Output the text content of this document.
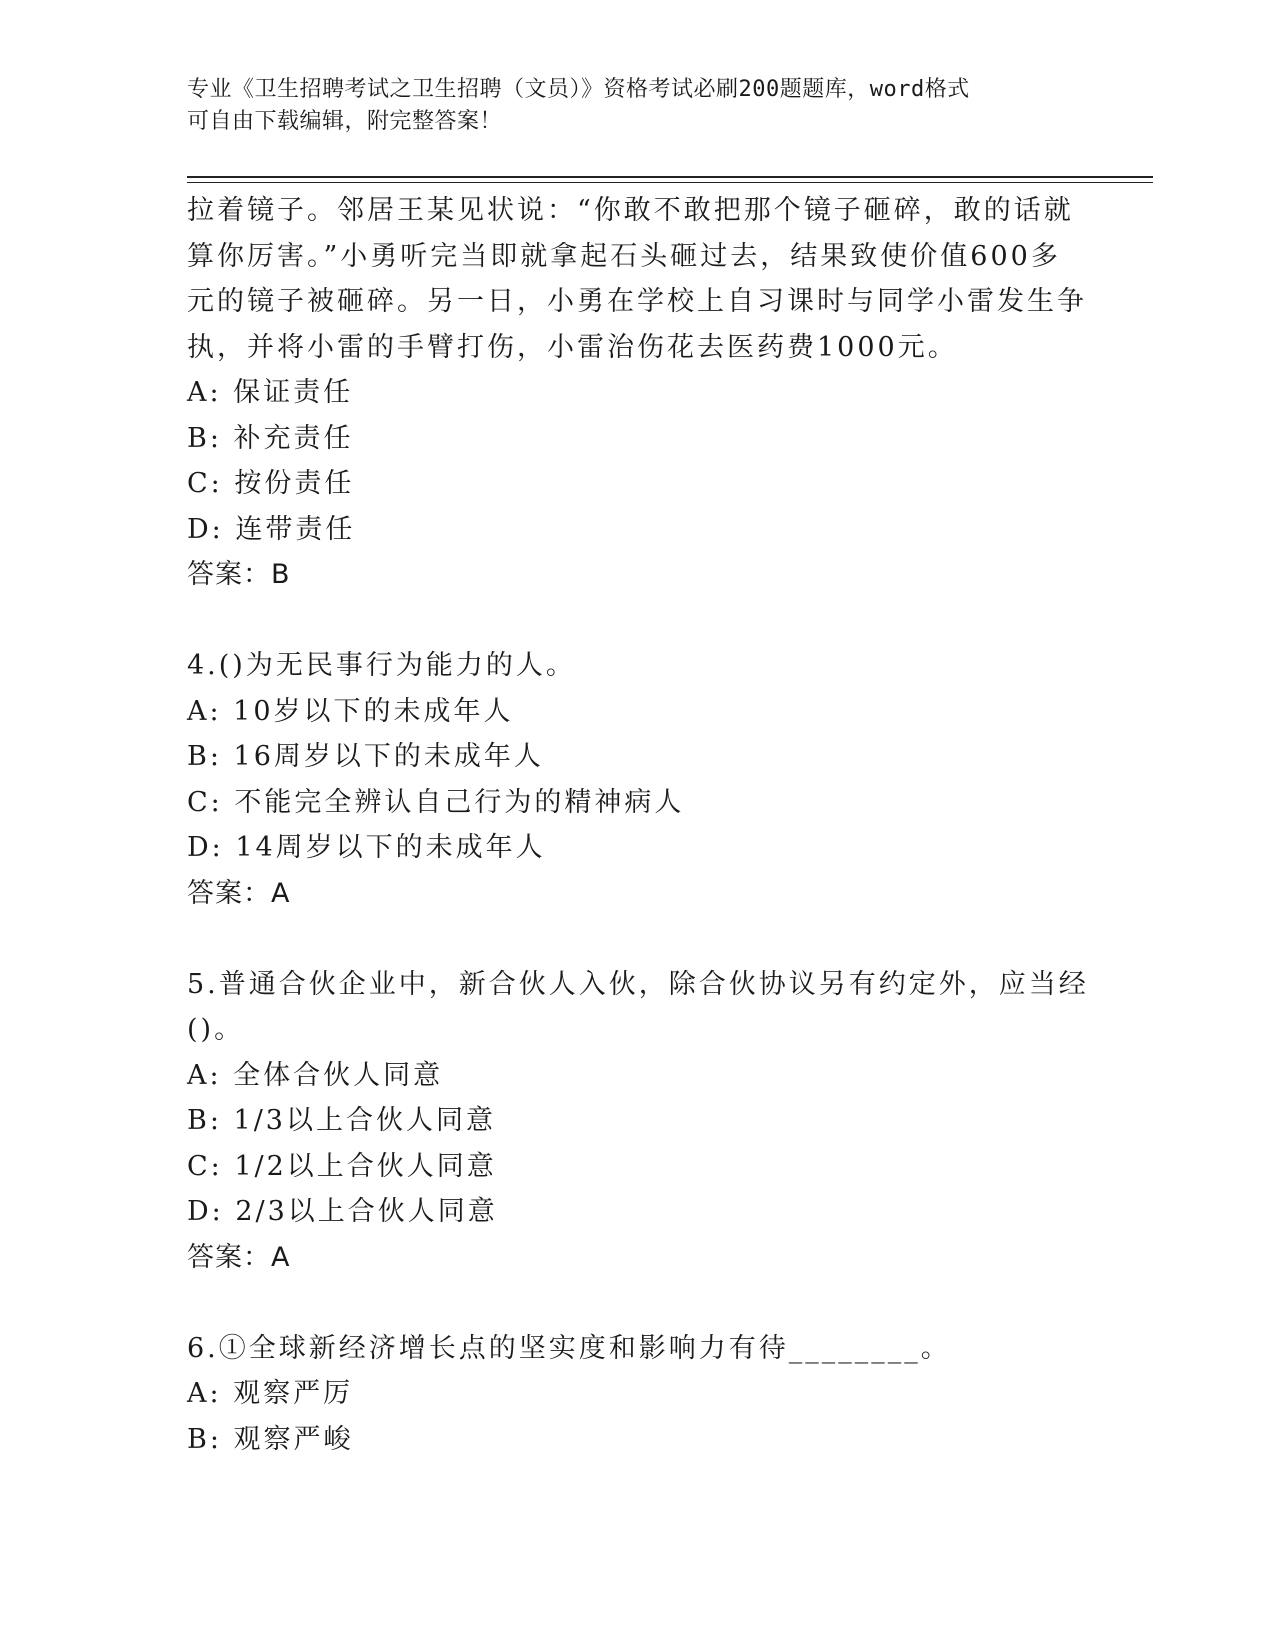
专业《卫生招聘考试之卫生招聘（文员）》资格考试必刷200题题库，word格式
可自由下载编辑，附完整答案！
拉着镜子。邻居王某见状说：“你敢不敢把那个镜子砸碎，敢的话就
算你厉害。”小勇听完当即就拿起石头砸过去，结果致使价值600多
元的镜子被砸碎。另一日，小勇在学校上自习课时与同学小雷发生争
执，并将小雷的手臂打伤，小雷治伤花去医药费1000元。
A: 保证责任
B: 补充责任
C: 按份责任
D: 连带责任
答案：B
4.()为无民事行为能力的人。
A: 10岁以下的未成年人
B: 16周岁以下的未成年人
C: 不能完全辨认自己行为的精神病人
D: 14周岁以下的未成年人
答案：A
5.普通合伙企业中，新合伙人入伙，除合伙协议另有约定外，应当经
()。
A: 全体合伙人同意
B: 1/3以上合伙人同意
C: 1/2以上合伙人同意
D: 2/3以上合伙人同意
答案：A
6.①全球新经济增长点的坚实度和影响力有待________。
A: 观察严厉
B: 观察严峻
